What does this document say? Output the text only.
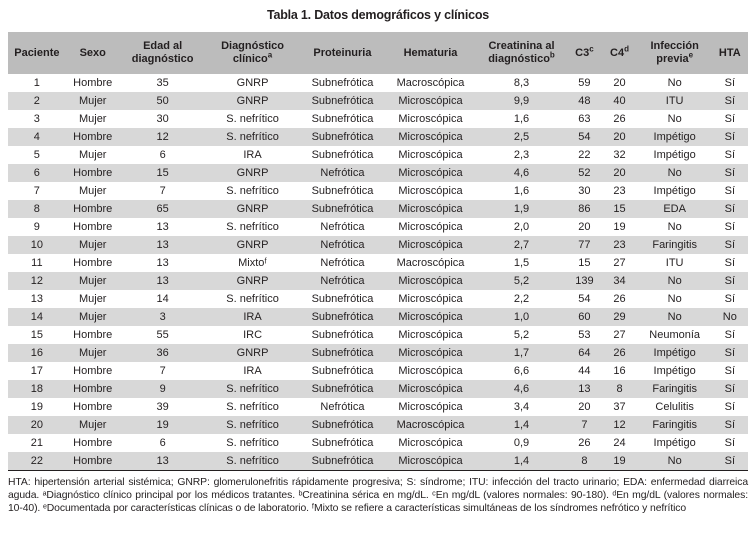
Tabla 1. Datos demográficos y clínicos
Paciente	Sexo	Edad al diagnóstico	Diagnóstico clínico$^a$	Proteinuria	Hematuria	Creatinina al diagnóstico$^b$	C3$^c$	C4$^d$	Infección previa$^e$	HTA
1	Hombre	35	GNRP	Subnefrótica	Macroscópica	8,3	59	20	No	Sí
2	Mujer	50	GNRP	Subnefrótica	Microscópica	9,9	48	40	ITU	Sí
3	Mujer	30	S. nefrítico	Subnefrótica	Microscópica	1,6	63	26	No	Sí
4	Hombre	12	S. nefrítico	Subnefrótica	Microscópica	2,5	54	20	Impétigo	Sí
5	Mujer	6	IRA	Subnefrótica	Microscópica	2,3	22	32	Impétigo	Sí
6	Hombre	15	GNRP	Nefrótica	Microscópica	4,6	52	20	No	Sí
7	Mujer	7	S. nefrítico	Subnefrótica	Microscópica	1,6	30	23	Impétigo	Sí
8	Hombre	65	GNRP	Subnefrótica	Microscópica	1,9	86	15	EDA	Sí
9	Hombre	13	S. nefrítico	Nefrótica	Microscópica	2,0	20	19	No	Sí
10	Mujer	13	GNRP	Nefrótica	Microscópica	2,7	77	23	Faringitis	Sí
11	Hombre	13	Mixtoᶠ	Nefrótica	Macroscópica	1,5	15	27	ITU	Sí
12	Mujer	13	GNRP	Nefrótica	Microscópica	5,2	139	34	No	Sí
13	Mujer	14	S. nefrítico	Subnefrótica	Microscópica	2,2	54	26	No	Sí
14	Mujer	3	IRA	Subnefrótica	Microscópica	1,0	60	29	No	No
15	Hombre	55	IRC	Subnefrótica	Microscópica	5,2	53	27	Neumonía	Sí
16	Mujer	36	GNRP	Subnefrótica	Microscópica	1,7	64	26	Impétigo	Sí
17	Hombre	7	IRA	Subnefrótica	Microscópica	6,6	44	16	Impétigo	Sí
18	Hombre	9	S. nefrítico	Subnefrótica	Microscópica	4,6	13	8	Faringitis	Sí
19	Hombre	39	S. nefrítico	Nefrótica	Microscópica	3,4	20	37	Celulitis	Sí
20	Mujer	19	S. nefrítico	Subnefrótica	Macroscópica	1,4	7	12	Faringitis	Sí
21	Hombre	6	S. nefrítico	Subnefrótica	Microscópica	0,9	26	24	Impétigo	Sí
22	Hombre	13	S. nefrítico	Subnefrótica	Microscópica	1,4	8	19	No	Sí
HTA: hipertensión arterial sistémica; GNRP: glomerulonefritis rápidamente progresiva; S: síndrome; ITU: infección del tracto urinario; EDA: enfermedad diarreica aguda. ᵃDiagnóstico clínico principal por los médicos tratantes. ᵇCreatinina sérica en mg/dL. ᶜEn mg/dL (valores normales: 90-180). ᵈEn mg/dL (valores normales: 10-40). ᵉDocumentada por características clínicas o de laboratorio. ᶠMixto se refiere a características simultáneas de los síndromes nefrótico y nefrítico
